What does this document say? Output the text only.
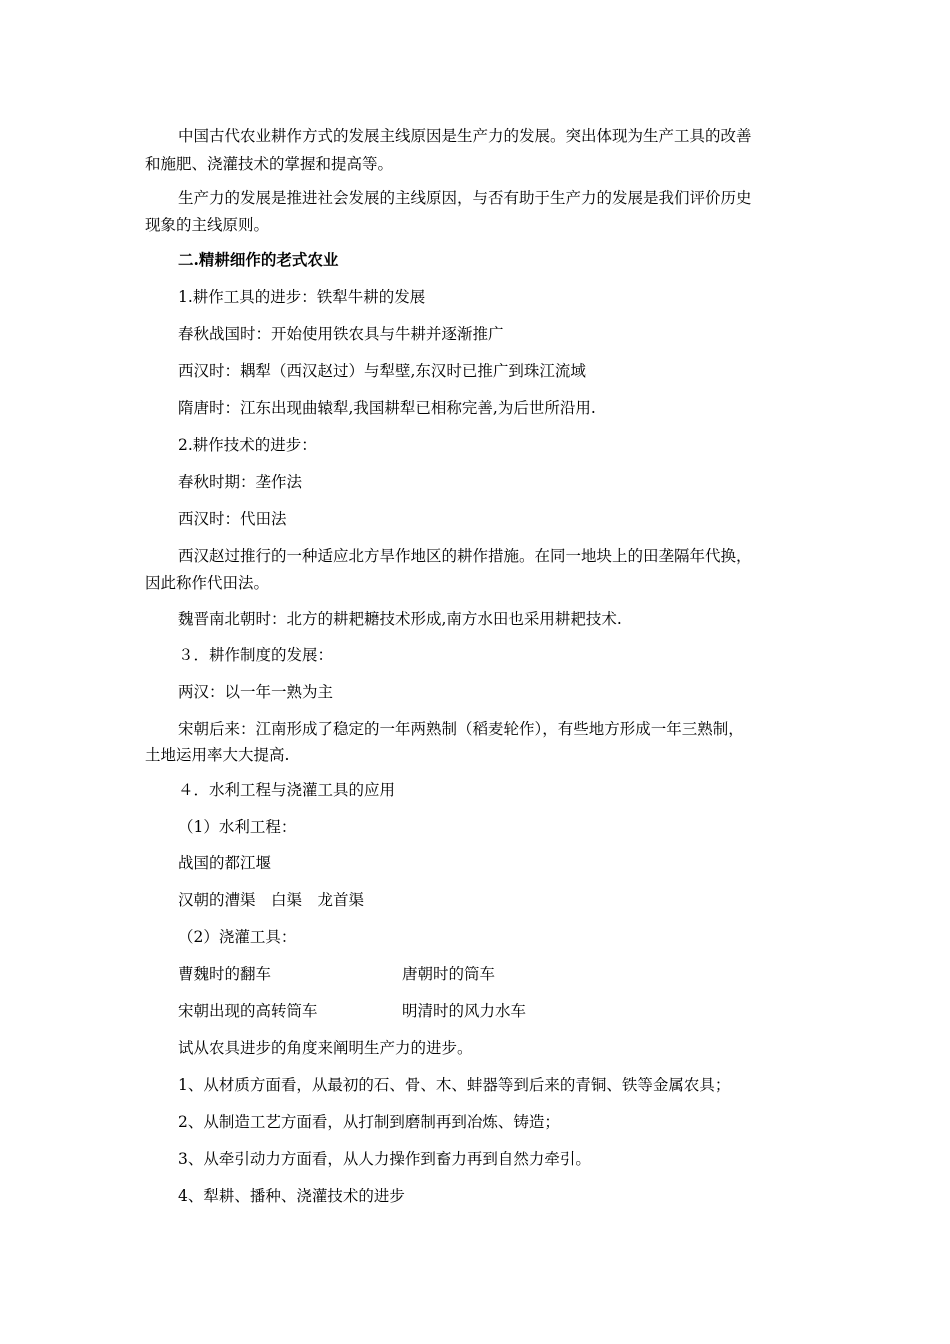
中国古代农业耕作方式的发展主线原因是生产力的发展。突出体现为生产工具的改善
和施肥、浇灌技术的掌握和提高等。
生产力的发展是推进社会发展的主线原因，与否有助于生产力的发展是我们评价历史
现象的主线原则。
二.精耕细作的老式农业
1.耕作工具的进步：铁犁牛耕的发展
春秋战国时：开始使用铁农具与牛耕并逐渐推广
西汉时：耦犁（西汉赵过）与犁壁,东汉时已推广到珠江流域
隋唐时：江东出现曲辕犁,我国耕犁已相称完善,为后世所沿用.
2.耕作技术的进步：
春秋时期：垄作法
西汉时：代田法
西汉赵过推行的一种适应北方旱作地区的耕作措施。在同一地块上的田垄隔年代换，
因此称作代田法。
魏晋南北朝时：北方的耕耙耱技术形成,南方水田也采用耕耙技术.
３．耕作制度的发展：
两汉：以一年一熟为主
宋朝后来：江南形成了稳定的一年两熟制（稻麦轮作），有些地方形成一年三熟制，
土地运用率大大提高.
４．水利工程与浇灌工具的应用
（1）水利工程：
战国的都江堰
汉朝的漕渠　白渠　龙首渠
（2）浇灌工具：
曹魏时的翻车	唐朝时的筒车
宋朝出现的高转筒车	明清时的风力水车
试从农具进步的角度来阐明生产力的进步。
1、从材质方面看，从最初的石、骨、木、蚌器等到后来的青铜、铁等金属农具；
2、从制造工艺方面看，从打制到磨制再到冶炼、铸造；
3、从牵引动力方面看，从人力操作到畜力再到自然力牵引。
4、犁耕、播种、浇灌技术的进步
